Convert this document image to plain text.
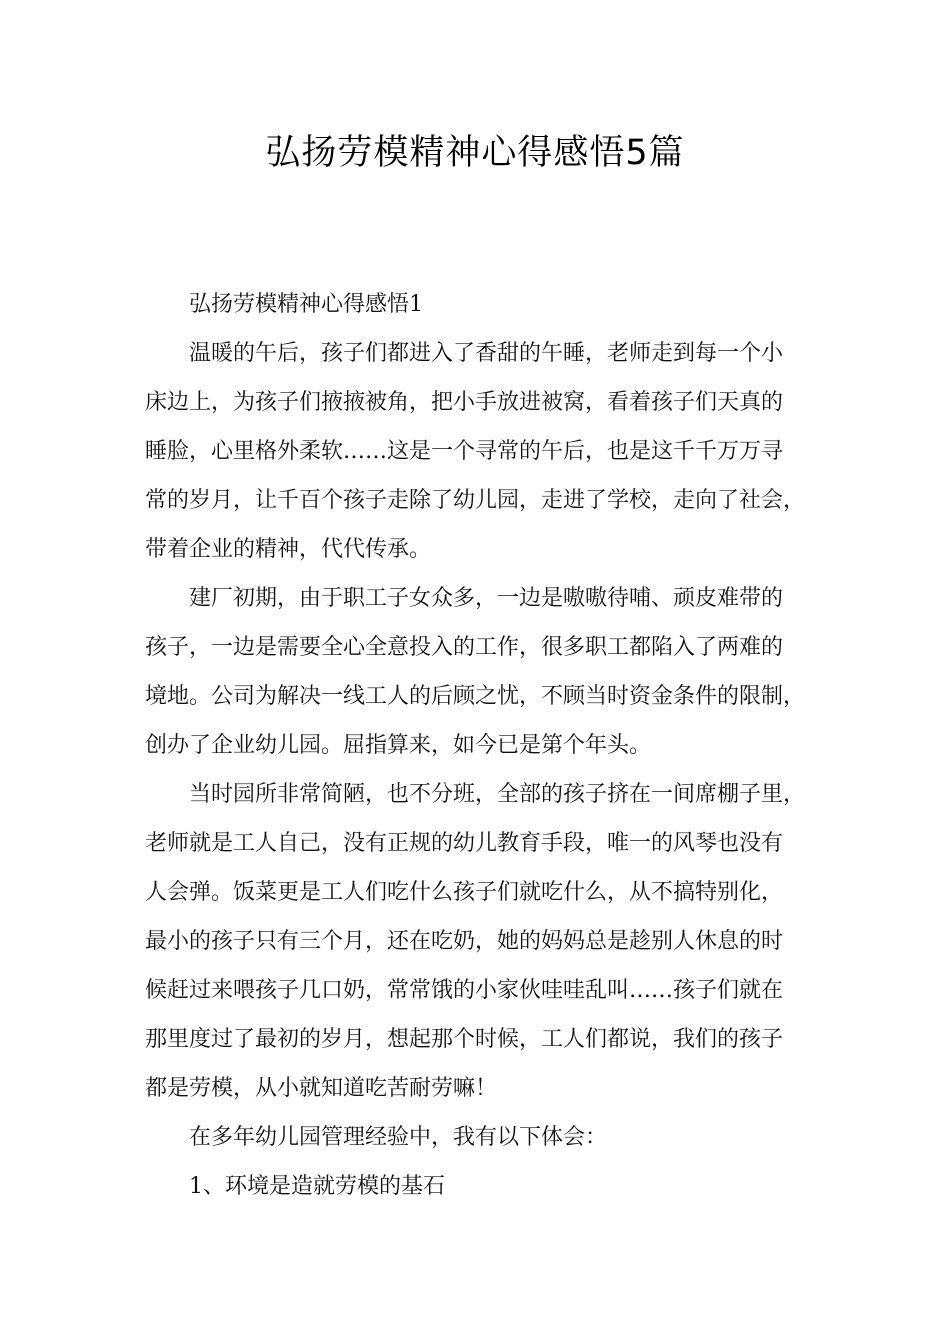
弘扬劳模精神心得感悟5篇
弘扬劳模精神心得感悟1
温暖的午后，孩子们都进入了香甜的午睡，老师走到每一个小
床边上，为孩子们掖掖被角，把小手放进被窝，看着孩子们天真的
睡脸，心里格外柔软……这是一个寻常的午后，也是这千千万万寻
常的岁月，让千百个孩子走除了幼儿园，走进了学校，走向了社会，
带着企业的精神，代代传承。
建厂初期，由于职工子女众多，一边是嗷嗷待哺、顽皮难带的
孩子，一边是需要全心全意投入的工作，很多职工都陷入了两难的
境地。公司为解决一线工人的后顾之忧，不顾当时资金条件的限制，
创办了企业幼儿园。屈指算来，如今已是第个年头。
当时园所非常简陋，也不分班，全部的孩子挤在一间席棚子里，
老师就是工人自己，没有正规的幼儿教育手段，唯一的风琴也没有
人会弹。饭菜更是工人们吃什么孩子们就吃什么，从不搞特别化，
最小的孩子只有三个月，还在吃奶，她的妈妈总是趁别人休息的时
候赶过来喂孩子几口奶，常常饿的小家伙哇哇乱叫……孩子们就在
那里度过了最初的岁月，想起那个时候，工人们都说，我们的孩子
都是劳模，从小就知道吃苦耐劳嘛！
在多年幼儿园管理经验中，我有以下体会：
1、环境是造就劳模的基石
